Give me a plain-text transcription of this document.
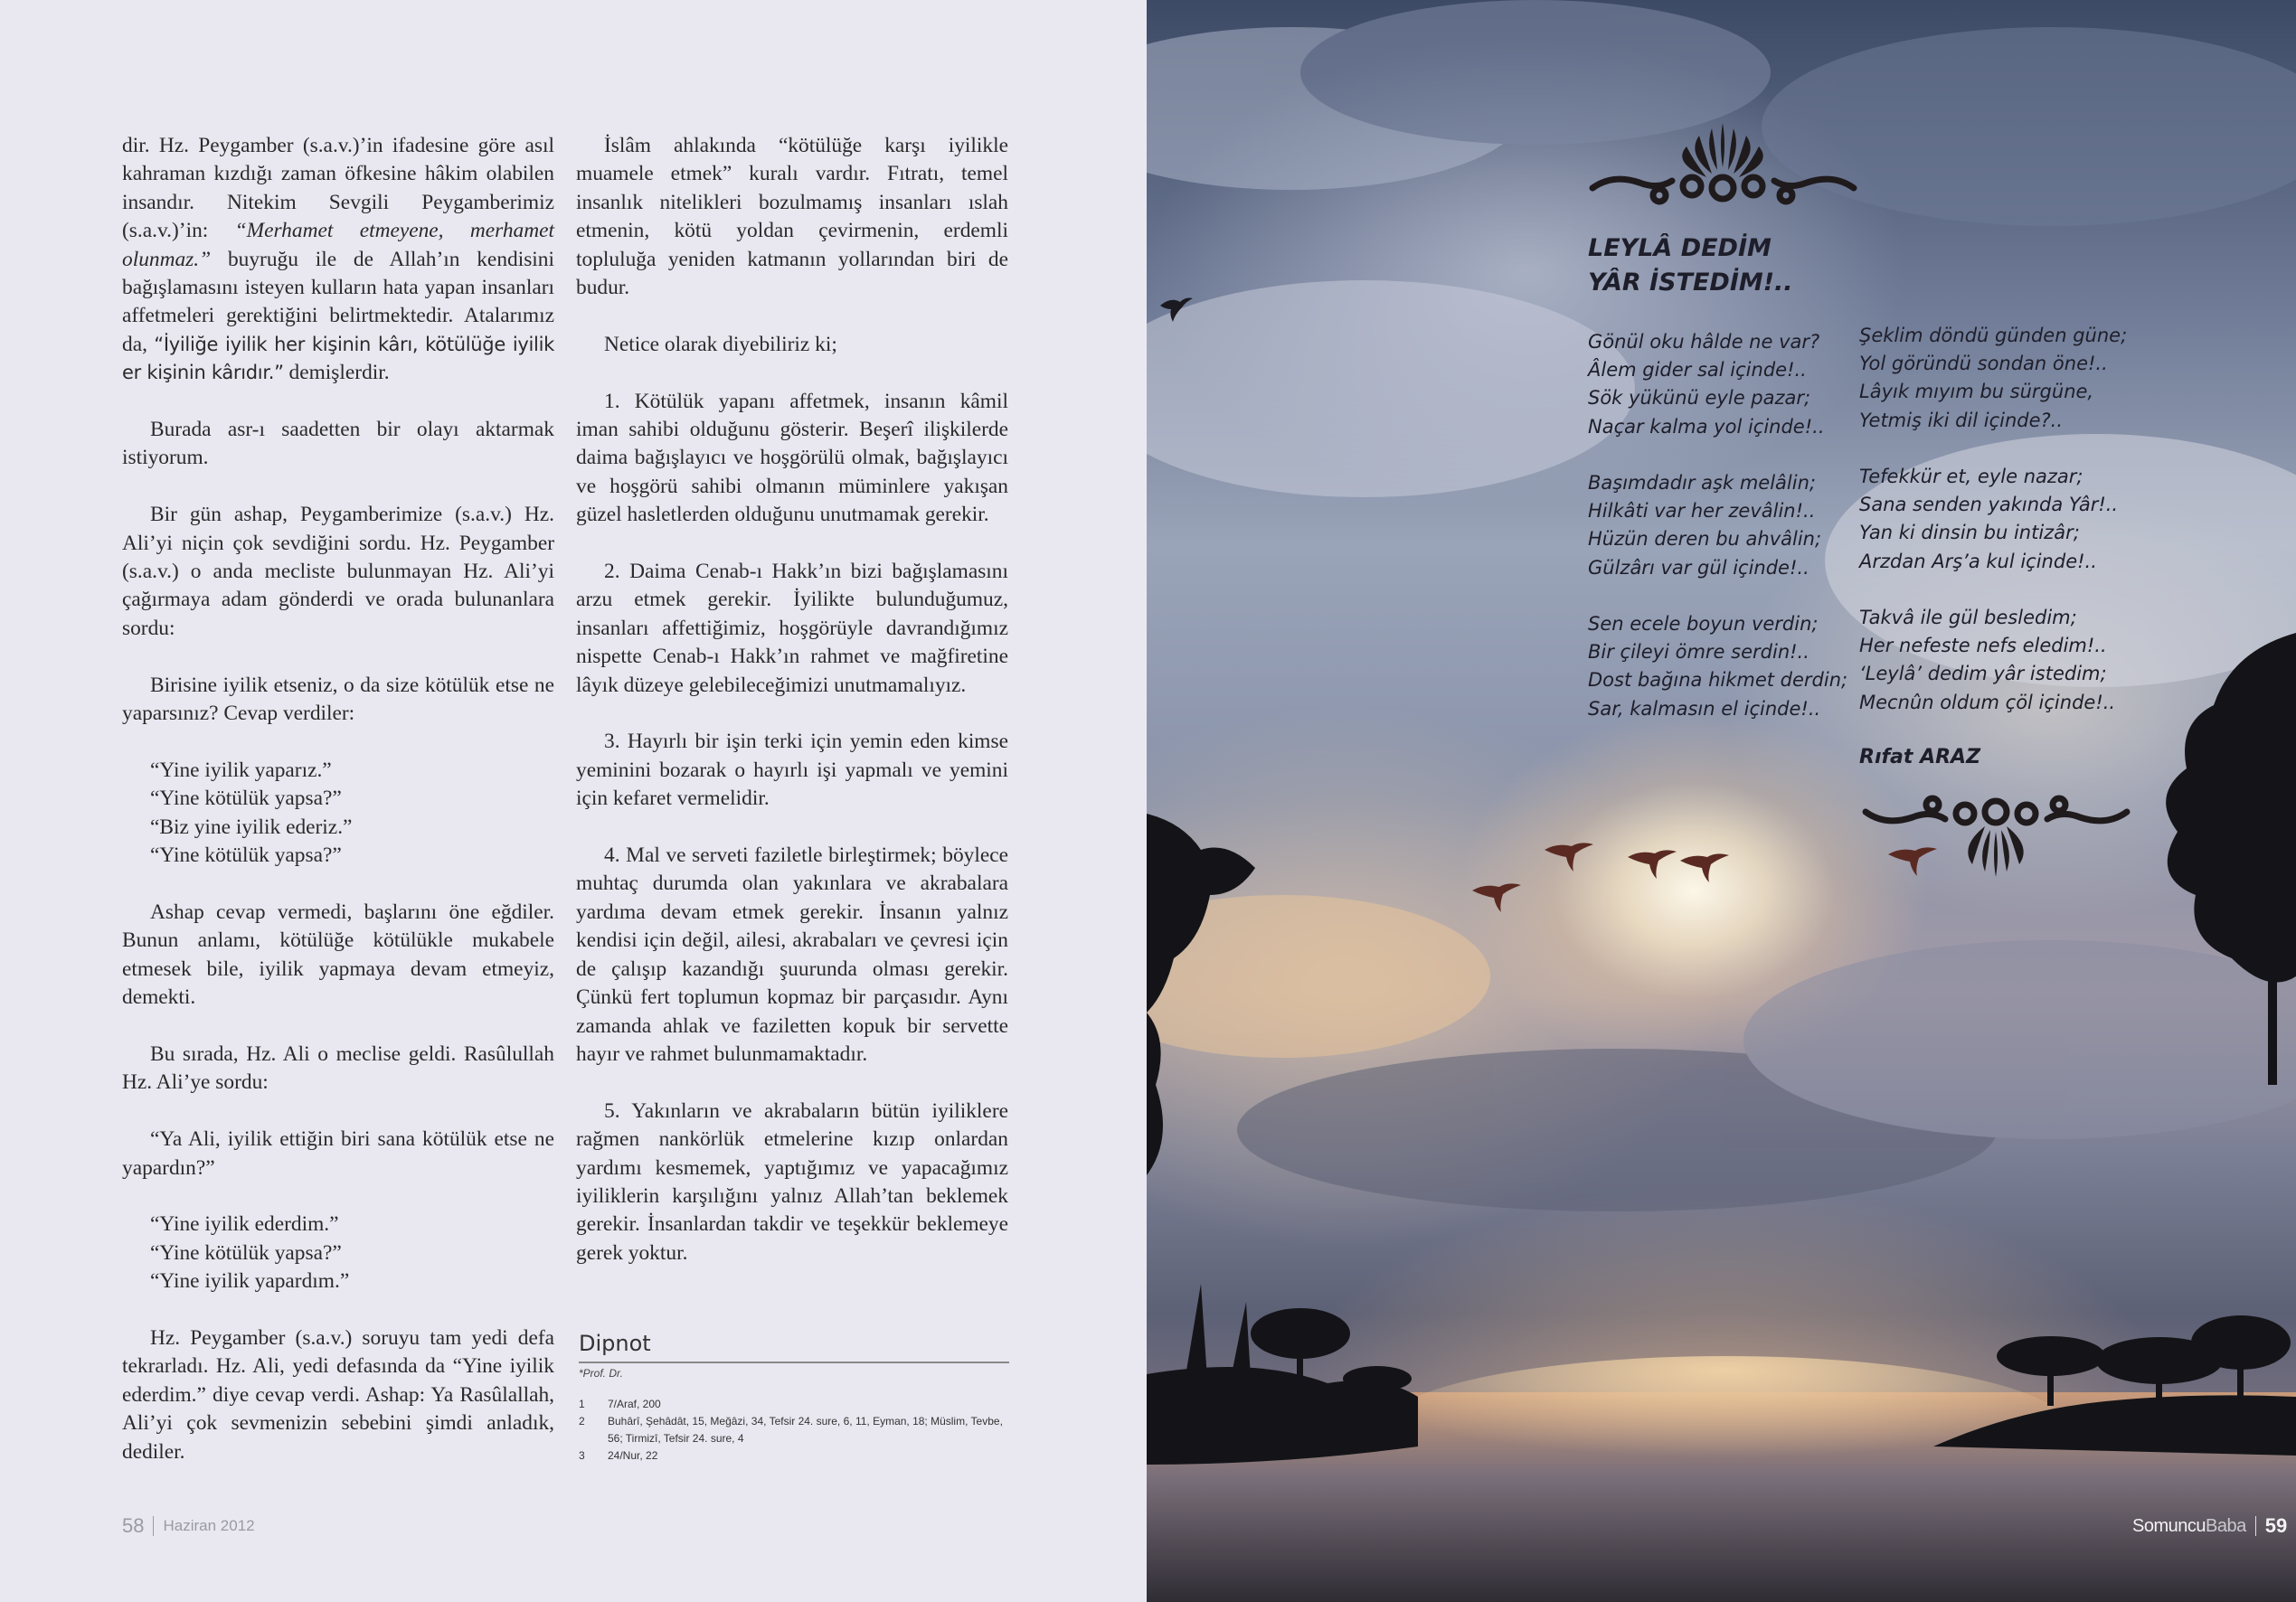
dir. Hz. Peygamber (s.a.v.)’in ifadesine göre asıl kahraman kızdığı zaman öfkesine hâkim olabilen insandır. Nitekim Sevgili Peygamberimiz (s.a.v.)’in: “Merhamet etmeyene, merhamet olunmaz.” buyruğu ile de Allah’ın kendisini bağışlamasını isteyen kulların hata yapan insanları affetmeleri gerektiğini belirtmektedir. Atalarımız da, “İyiliğe iyilik her kişinin kârı, kötülüğe iyilik er kişinin kârıdır.” demişlerdir.

Burada asr-ı saadetten bir olayı aktarmak istiyorum.

Bir gün ashap, Peygamberimize (s.a.v.) Hz. Ali’yi niçin çok sevdiğini sordu. Hz. Peygamber (s.a.v.) o anda mecliste bulunmayan Hz. Ali’yi çağırmaya adam gönderdi ve orada bulunanlara sordu:

Birisine iyilik etseniz, o da size kötülük etse ne yaparsınız? Cevap verdiler:

“Yine iyilik yaparız.”

“Yine kötülük yapsa?”

“Biz yine iyilik ederiz.”

“Yine kötülük yapsa?”

Ashap cevap vermedi, başlarını öne eğdiler. Bunun anlamı, kötülüğe kötülükle mukabele etmesek bile, iyilik yapmaya devam etmeyiz, demekti.

Bu sırada, Hz. Ali o meclise geldi. Rasûlullah Hz. Ali’ye sordu:

“Ya Ali, iyilik ettiğin biri sana kötülük etse ne yapardın?”

“Yine iyilik ederdim.”

“Yine kötülük yapsa?”

“Yine iyilik yapardım.”

Hz. Peygamber (s.a.v.) soruyu tam yedi defa tekrarladı. Hz. Ali, yedi defasında da “Yine iyilik ederdim.” diye cevap verdi. Ashap: Ya Rasûlallah, Ali’yi çok sevmenizin sebebini şimdi anladık, dediler.

İslâm ahlakında “kötülüğe karşı iyilikle muamele etmek” kuralı vardır. Fıtratı, temel insanlık nitelikleri bozulmamış insanları ıslah etmenin, kötü yoldan çevirmenin, erdemli topluluğa yeniden katmanın yollarından biri de budur.

Netice olarak diyebiliriz ki;

1. Kötülük yapanı affetmek, insanın kâmil iman sahibi olduğunu gösterir. Beşerî ilişkilerde daima bağışlayıcı ve hoşgörülü olmak, bağışlayıcı ve hoşgörü sahibi olmanın müminlere yakışan güzel hasletlerden olduğunu unutmamak gerekir.

2. Daima Cenab-ı Hakk’ın bizi bağışlamasını arzu etmek gerekir. İyilikte bulunduğumuz, insanları affettiğimiz, hoşgörüyle davrandığımız nispette Cenab-ı Hakk’ın rahmet ve mağfiretine lâyık düzeye gelebileceğimizi unutmamalıyız.

3. Hayırlı bir işin terki için yemin eden kimse yeminini bozarak o hayırlı işi yapmalı ve yemini için kefaret vermelidir.

4. Mal ve serveti faziletle birleştirmek; böylece muhtaç durumda olan yakınlara ve akrabalara yardıma devam etmek gerekir. İnsanın yalnız kendisi için değil, ailesi, akrabaları ve çevresi için de çalışıp kazandığı şuurunda olması gerekir. Çünkü fert toplumun kopmaz bir parçasıdır. Aynı zamanda ahlak ve faziletten kopuk bir servette hayır ve rahmet bulunmamaktadır.

5. Yakınların ve akrabaların bütün iyiliklere rağmen nankörlük etmelerine kızıp onlardan yardımı kesmemek, yaptığımız ve yapacağımız iyiliklerin karşılığını yalnız Allah’tan beklemek gerekir. İnsanlardan takdir ve teşekkür beklemeye gerek yoktur.

Dipnot
*Prof. Dr.
1	7/Araf, 200
2	Buhârî, Şehâdât, 15, Meğâzi, 34, Tefsir 24. sure, 6, 11, Eyman, 18; Müslim, Tevbe, 56; Tirmizî, Tefsir 24. sure, 4
3	24/Nur, 22
58 Haziran 2012
LEYLÂ DEDİM
YÂR İSTEDİM!..
Gönül oku hâlde ne var?
Âlem gider sal içinde!..
Sök yükünü eyle pazar;
Naçar kalma yol içinde!..
Başımdadır aşk melâlin;
Hilkâti var her zevâlin!..
Hüzün deren bu ahvâlin;
Gülzârı var gül içinde!..
Sen ecele boyun verdin;
Bir çileyi ömre serdin!..
Dost bağına hikmet derdin;
Sar, kalmasın el içinde!..
Şeklim döndü günden güne;
Yol göründü sondan öne!..
Lâyık mıyım bu sürgüne,
Yetmiş iki dil içinde?..
Tefekkür et, eyle nazar;
Sana senden yakında Yâr!..
Yan ki dinsin bu intizâr;
Arzdan Arş’a kul içinde!..
Takvâ ile gül besledim;
Her nefeste nefs eledim!..
‘Leylâ’ dedim yâr istedim;
Mecnûn oldum çöl içinde!..
Rıfat ARAZ
SomuncuBaba 59
